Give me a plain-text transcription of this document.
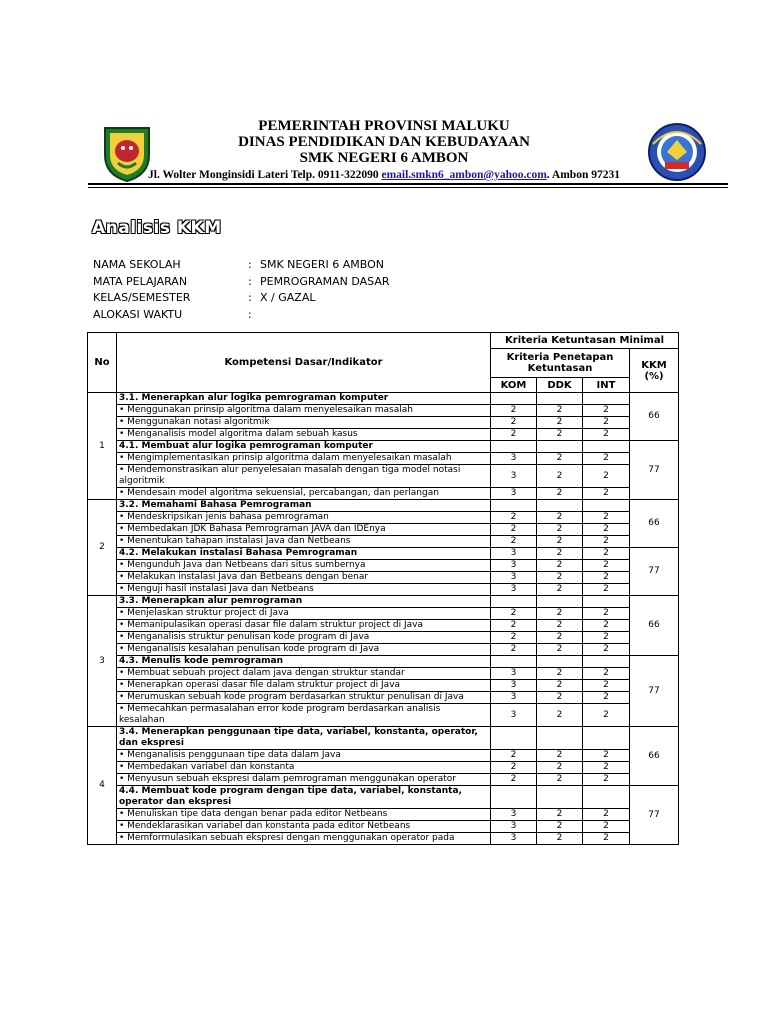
PEMERINTAH PROVINSI MALUKU
DINAS PENDIDIKAN DAN KEBUDAYAAN
SMK NEGERI 6 AMBON
Jl. Wolter Monginsidi Lateri Telp. 0911-322090 email.smkn6_ambon@yahoo.com. Ambon 97231
Analisis KKM
NAMA SEKOLAH	: SMK NEGERI 6 AMBON
MATA PELAJARAN	: PEMROGRAMAN DASAR
KELAS/SEMESTER	: X / GAZAL
ALOKASI WAKTU	:
No	Kompetensi Dasar/Indikator	Kriteria Ketuntasan Minimal			
		Kriteria Penetapan Ketuntasan			KKM (%)
		KOM	DDK	INT	
1	3.1. Menerapkan alur logika pemrograman komputer				66
	• Menggunakan prinsip algoritma dalam menyelesaikan masalah	2	2	2	
	• Menggunakan notasi algoritmik	2	2	2	
	• Menganalisis model algoritma dalam sebuah kasus	2	2	2	
	4.1. Membuat alur logika pemrograman komputer				77
	• Mengimplementasikan prinsip algoritma dalam menyelesaikan masalah	3	2	2	
	• Mendemonstrasikan alur penyelesaian masalah dengan tiga model notasi algoritmik	3	2	2	
	• Mendesain model algoritma sekuensial, percabangan, dan perlangan	3	2	2	
2	3.2. Memahami Bahasa Pemrograman				66
	• Mendeskripsikan jenis bahasa pemrograman	2	2	2	
	• Membedakan JDK Bahasa Pemrograman JAVA dan IDEnya	2	2	2	
	• Menentukan tahapan instalasi Java dan Netbeans	2	2	2	
	4.2. Melakukan instalasi Bahasa Pemrograman	3	2	2	77
	• Mengunduh Java dan Netbeans dari situs sumbernya	3	2	2	
	• Melakukan instalasi Java dan Betbeans dengan benar	3	2	2	
	• Menguji hasil instalasi Java dan Netbeans	3	2	2	
3	3.3. Menerapkan alur pemrograman				66
	• Menjelaskan struktur project di Java	2	2	2	
	• Memanipulasikan operasi dasar file dalam struktur project di Java	2	2	2	
	• Menganalisis struktur penulisan kode program di Java	2	2	2	
	• Menganalisis kesalahan penulisan kode program di Java	2	2	2	
	4.3. Menulis kode pemrograman				77
	• Membuat sebuah project dalam java dengan struktur standar	3	2	2	
	• Menerapkan operasi dasar file dalam struktur project di Java	3	2	2	
	• Merumuskan sebuah kode program berdasarkan struktur penulisan di Java	3	2	2	
	• Memecahkan permasalahan error kode program berdasarkan analisis kesalahan	3	2	2	
4	3.4. Menerapkan penggunaan tipe data, variabel, konstanta, operator, dan ekspresi				66
	• Menganalisis penggunaan tipe data dalam Java	2	2	2	
	• Membedakan variabel dan konstanta	2	2	2	
	• Menyusun sebuah ekspresi dalam pemrograman menggunakan operator	2	2	2	
	4.4. Membuat kode program dengan tipe data, variabel, konstanta, operator dan ekspresi				77
	• Menuliskan tipe data dengan benar pada editor Netbeans	3	2	2	
	• Mendeklarasikan variabel dan konstanta pada editor Netbeans	3	2	2	
	• Memformulasikan sebuah ekspresi dengan menggunakan operator pada	3	2	2	
